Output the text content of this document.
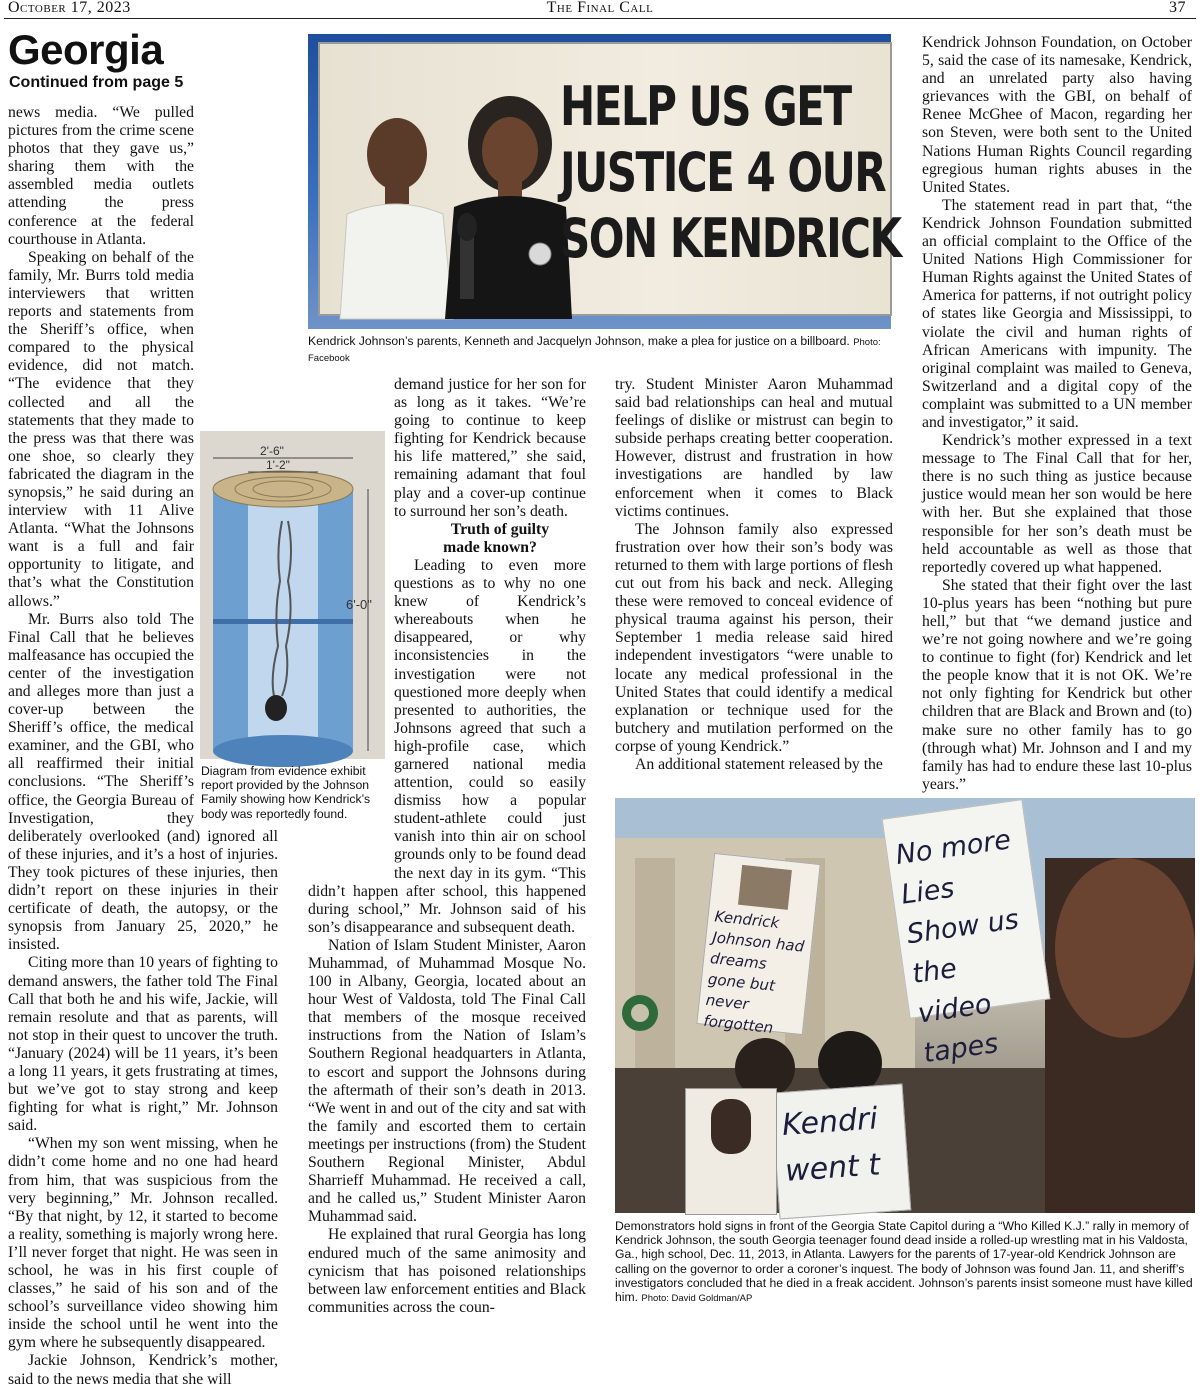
October 17, 2023	The Final Call	37
Georgia
Continued from page 5

news media. “We pulled pictures from the crime scene photos that they gave us,” sharing them with the assembled media outlets attending the press conference at the federal courthouse in Atlanta.

Speaking on behalf of the family, Mr. Burrs told media interviewers that written reports and statements from the Sheriff’s office, when compared to the physical evidence, did not match. “The evidence that they collected and all the statements that they made to the press was that there was one shoe, so clearly they fabricated the diagram in the synopsis,” he said during an interview with 11 Alive Atlanta. “What the Johnsons want is a full and fair opportunity to litigate, and that’s what the Constitution allows.”

Mr. Burrs also told The Final Call that he believes malfeasance has occupied the center of the investigation and alleges more than just a cover-up between the Sheriff’s office, the medical examiner, and the GBI, who all reaffirmed their initial conclusions. “The Sheriff’s office, the Georgia Bureau of Investigation, they deliberately overlooked (and) ignored all of these injuries, and it’s a host of injuries. They took pictures of these injuries, then didn’t report on these injuries in their certificate of death, the autopsy, or the synopsis from January 25, 2020,” he insisted.

Citing more than 10 years of fighting to demand answers, the father told The Final Call that both he and his wife, Jackie, will remain resolute and that as parents, will not stop in their quest to uncover the truth. “January (2024) will be 11 years, it’s been a long 11 years, it gets frustrating at times, but we’ve got to stay strong and keep fighting for what is right,” Mr. Johnson said.

“When my son went missing, when he didn’t come home and no one had heard from him, that was suspicious from the very beginning,” Mr. Johnson recalled. “By that night, by 12, it started to become a reality, something is majorly wrong here. I’ll never forget that night. He was seen in school, he was in his first couple of classes,” he said of his son and of the school’s surveillance video showing him inside the school until he went into the gym where he subsequently disappeared.

Jackie Johnson, Kendrick’s mother, said to the news media that she will

HELP US GET
JUSTICE 4 OUR
SON KENDRICK
Kendrick Johnson’s parents, Kenneth and Jacquelyn Johnson, make a plea for justice on a billboard. Photo: Facebook
2'-6"
1'-2"
6'-0"
Diagram from evidence exhibit report provided by the Johnson Family showing how Kendrick’s body was reportedly found.

demand justice for her son for as long as it takes. “We’re going to continue to keep fighting for Kendrick because his life mattered,” she said, remaining adamant that foul play and a cover-up continue to surround her son’s death.

Truth of guilty
made known?

Leading to even more questions as to why no one knew of Kendrick’s whereabouts when he disappeared, or why inconsistencies in the investigation were not questioned more deeply when presented to authorities, the Johnsons agreed that such a high-profile case, which garnered national media attention, could so easily dismiss how a popular student-athlete could just vanish into thin air on school grounds only to be found dead the next day in its gym. “This didn’t happen after school, this happened during school,” Mr. Johnson said of his son’s disappearance and subsequent death.

Nation of Islam Student Minister, Aaron Muhammad, of Muhammad Mosque No. 100 in Albany, Georgia, located about an hour West of Valdosta, told The Final Call that members of the mosque received instructions from the Nation of Islam’s Southern Regional headquarters in Atlanta, to escort and support the Johnsons during the aftermath of their son’s death in 2013. “We went in and out of the city and sat with the family and escorted them to certain meetings per instructions (from) the Student Southern Regional Minister, Abdul Sharrieff Muhammad. He received a call, and he called us,” Student Minister Aaron Muhammad said.

He explained that rural Georgia has long endured much of the same animosity and cynicism that has poisoned relationships between law enforcement entities and Black communities across the coun-

try. Student Minister Aaron Muhammad said bad relationships can heal and mutual feelings of dislike or mistrust can begin to subside perhaps creating better cooperation. However, distrust and frustration in how investigations are handled by law enforcement when it comes to Black victims continues.

The Johnson family also expressed frustration over how their son’s body was returned to them with large portions of flesh cut out from his back and neck. Alleging these were removed to conceal evidence of physical trauma against his person, their September 1 media release said hired independent investigators “were unable to locate any medical professional in the United States that could identify a medical explanation or technique used for the butchery and mutilation performed on the corpse of young Kendrick.”

An additional statement released by the

Kendrick Johnson Foundation, on October 5, said the case of its namesake, Kendrick, and an unrelated party also having grievances with the GBI, on behalf of Renee McGhee of Macon, regarding her son Steven, were both sent to the United Nations Human Rights Council regarding egregious human rights abuses in the United States.

The statement read in part that, “the Kendrick Johnson Foundation submitted an official complaint to the Office of the United Nations High Commissioner for Human Rights against the United States of America for patterns, if not outright policy of states like Georgia and Mississippi, to violate the civil and human rights of African Americans with impunity. The original complaint was mailed to Geneva, Switzerland and a digital copy of the complaint was submitted to a UN member and investigator,” it said.

Kendrick’s mother expressed in a text message to The Final Call that for her, there is no such thing as justice because justice would mean her son would be here with her. But she explained that those responsible for her son’s death must be held accountable as well as those that reportedly covered up what happened.

She stated that their fight over the last 10-plus years has been “nothing but pure hell,” but that “we demand justice and we’re not going nowhere and we’re going to continue to fight (for) Kendrick and let the people know that it is not OK. We’re not only fighting for Kendrick but other children that are Black and Brown and (to) make sure no other family has to go (through what) Mr. Johnson and I and my family has had to endure these last 10-plus years.”

No more Lies Show us the video tapes
Kendrick Johnson had dreams gone but never forgotten
Kendri went t
Demonstrators hold signs in front of the Georgia State Capitol during a “Who Killed K.J.” rally in memory of Kendrick Johnson, the south Georgia teenager found dead inside a rolled-up wrestling mat in his Valdosta, Ga., high school, Dec. 11, 2013, in Atlanta. Lawyers for the parents of 17-year-old Kendrick Johnson are calling on the governor to order a coroner’s inquest. The body of Johnson was found Jan. 11, and sheriff’s investigators concluded that he died in a freak accident. Johnson’s parents insist someone must have killed him. Photo: David Goldman/AP
